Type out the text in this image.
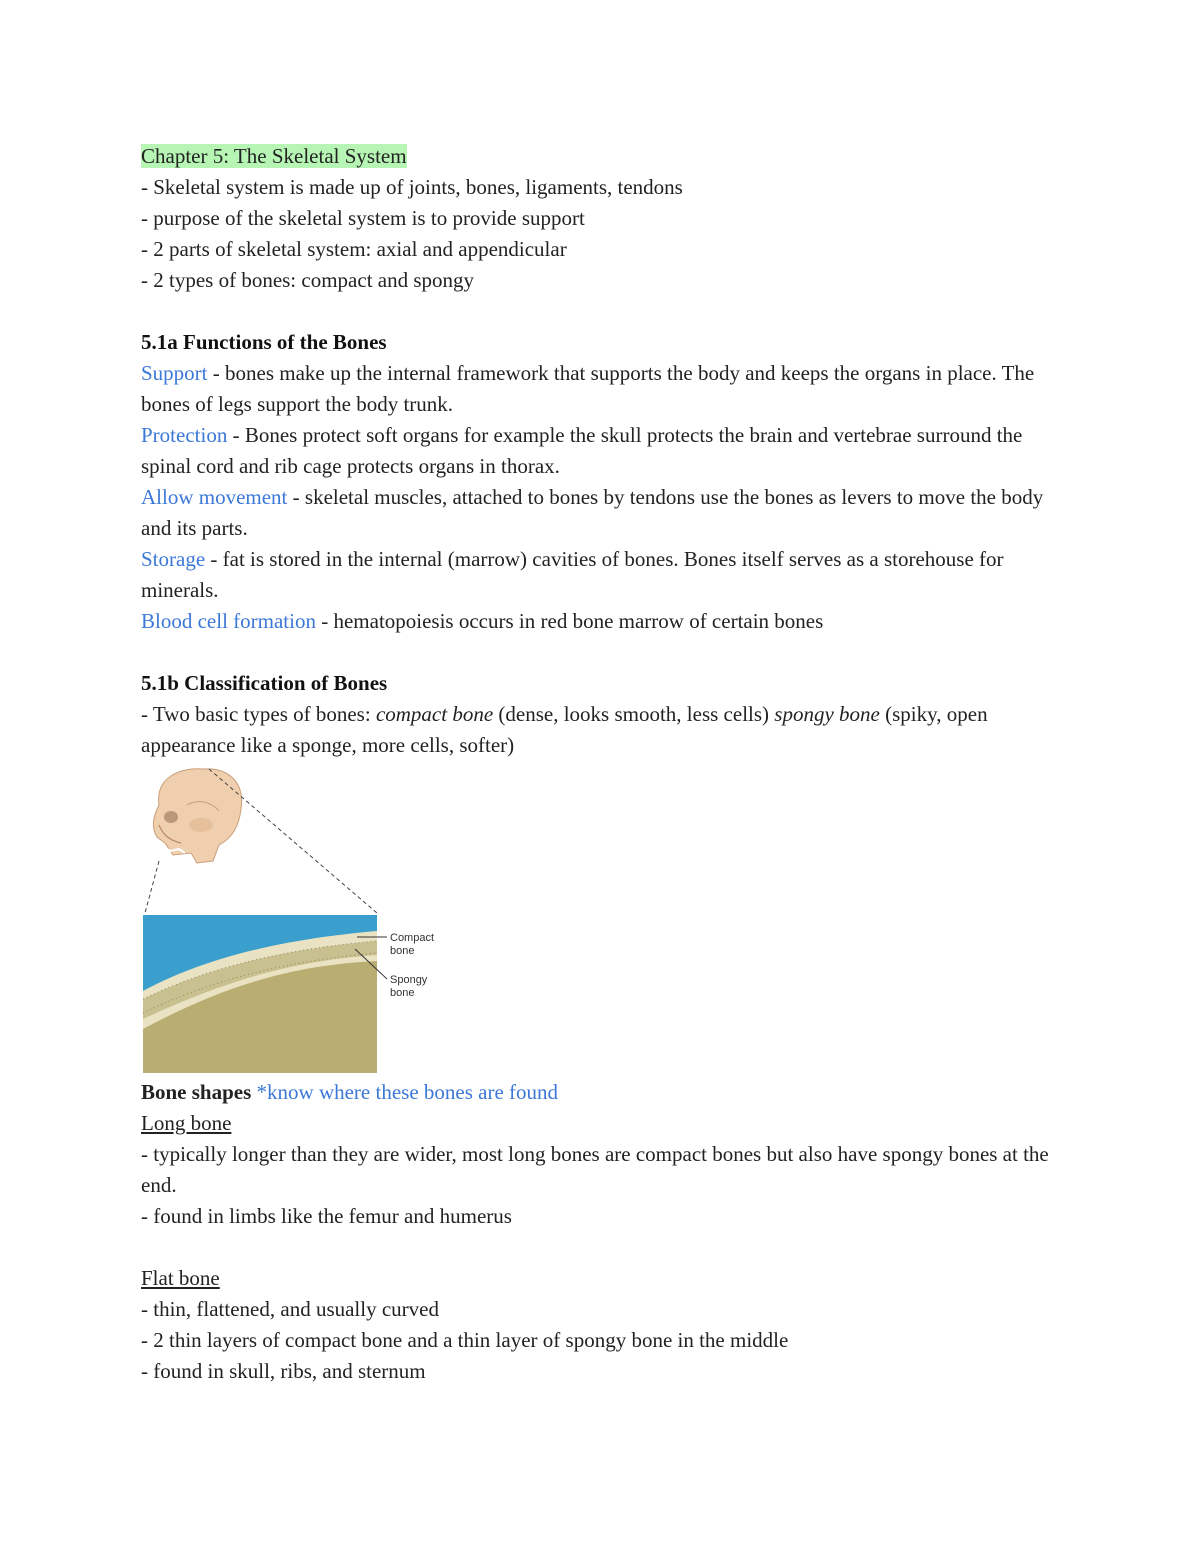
Chapter 5: The Skeletal System

- Skeletal system is made up of joints, bones, ligaments, tendons

- purpose of the skeletal system is to provide support

- 2 parts of skeletal system: axial and appendicular

- 2 types of bones: compact and spongy

5.1a Functions of the Bones

Support - bones make up the internal framework that supports the body and keeps the organs in place. The bones of legs support the body trunk.

Protection - Bones protect soft organs for example the skull protects the brain and vertebrae surround the spinal cord and rib cage protects organs in thorax.

Allow movement - skeletal muscles, attached to bones by tendons use the bones as levers to move the body and its parts.

Storage - fat is stored in the internal (marrow) cavities of bones. Bones itself serves as a storehouse for minerals.

Blood cell formation - hematopoiesis occurs in red bone marrow of certain bones

5.1b Classification of Bones

- Two basic types of bones: compact bone (dense, looks smooth, less cells) spongy bone (spiky, open appearance like a sponge, more cells, softer)

Compact
bone
Spongy
bone

Bone shapes *know where these bones are found

Long bone

- typically longer than they are wider, most long bones are compact bones but also have spongy bones at the end.

- found in limbs like the femur and humerus

Flat bone

- thin, flattened, and usually curved

- 2 thin layers of compact bone and a thin layer of spongy bone in the middle

- found in skull, ribs, and sternum
